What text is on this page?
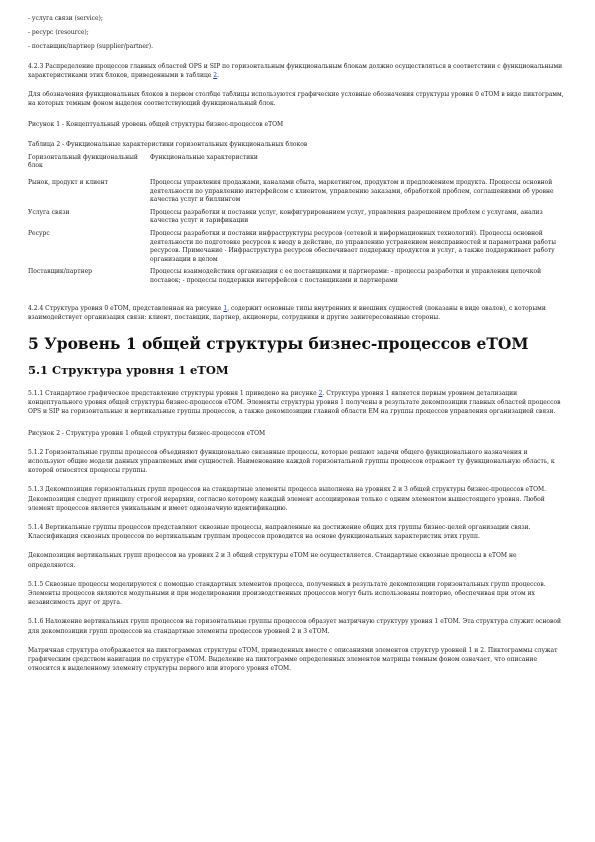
- услуга связи (service);

- ресурс (resource);

- поставщик/партнер (supplier/partner).

4.2.3 Распределение процессов главных областей OPS и SIP по горизонтальным функциональным блокам должно осуществляться в соответствии с функциональными характеристиками этих блоков, приведенными в таблице 2.

Для обозначения функциональных блоков в первом столбце таблицы используются графические условные обозначения структуры уровня 0 eTOM в виде пиктограмм, на которых темным фоном выделен соответствующий функциональный блок.

Рисунок 1 - Концептуальный уровень общей структуры бизнес-процессов eTOM

Таблица 2 - Функциональные характеристики горизонтальных функциональных блоков

Горизонтальный функциональный блок	Функциональные характеристики
Рынок, продукт и клиент	Процессы управления продажами, каналами сбыта, маркетингом, продуктом и предложением продукта. Процессы основной деятельности по управлению интерфейсом с клиентом, управлению заказами, обработкой проблем, соглашениями об уровне качества услуг и биллингом
Услуга связи	Процессы разработки и поставки услуг, конфигурированием услуг, управления разрешением проблем с услугами, анализ качества услуг и тарификации
Ресурс	Процессы разработки и поставки инфраструктуры ресурсов (сетевой и информационных технологий). Процессы основной деятельности по подготовке ресурсов к вводу в действие, по управлению устранением неисправностей и параметрами работы ресурсов. Примечание - Инфраструктура ресурсов обеспечивает поддержку продуктов и услуг, а также поддерживает работу организации в целом
Поставщик/партнер	Процессы взаимодействия организации с ее поставщиками и партнерами: - процессы разработки и управления цепочкой поставок; - процессы поддержки интерфейсов с поставщиками и партнерами

4.2.4 Структура уровня 0 eTOM, представленная на рисунке 1, содержит основные типы внутренних и внешних сущностей (показаны в виде овалов), с которыми взаимодействует организация связи: клиент, поставщик, партнер, акционеры, сотрудники и другие заинтересованные стороны.

5 Уровень 1 общей структуры бизнес-процессов eTOM
5.1 Структура уровня 1 eTOM

5.1.1 Стандартное графическое представление структуры уровня 1 приведено на рисунке 2. Структура уровня 1 является первым уровнем детализации концептуального уровня общей структуры бизнес-процессов eTOM. Элементы структуры уровня 1 получены в результате декомпозиции главных областей процессов OPS и SIP на горизонтальные и вертикальные группы процессов, а также декомпозиции главной области EM на группы процессов управления организацией связи.

Рисунок 2 - Структура уровня 1 общей структуры бизнес-процессов eTOM

5.1.2 Горизонтальные группы процессов объединяют функционально связанные процессы, которые решают задачи общего функционального назначения и используют общие модели данных управляемых ими сущностей. Наименование каждой горизонтальной группы процессов отражает ту функциональную область, к которой относятся процессы группы.

5.1.3 Декомпозиция горизонтальных групп процессов на стандартные элементы процесса выполнена на уровнях 2 и 3 общей структуры бизнес-процессов eTOM. Декомпозиция следует принципу строгой иерархии, согласно которому каждый элемент ассоциирован только с одним элементом вышестоящего уровня. Любой элемент процессов является уникальным и имеет однозначную идентификацию.

5.1.4 Вертикальные группы процессов представляют сквозные процессы, направленные на достижение общих для группы бизнес-целей организации связи. Классификация сквозных процессов по вертикальным группам процессов проводится на основе функциональных характеристик этих групп.

Декомпозиция вертикальных групп процессов на уровнях 2 и 3 общей структуры eTOM не осуществляется. Стандартные сквозные процессы в eTOM не определяются.

5.1.5 Сквозные процессы моделируются с помощью стандартных элементов процесса, полученных в результате декомпозиции горизонтальных групп процессов. Элементы процессов являются модульными и при моделировании производственных процессов могут быть использованы повторно, обеспечивая при этом их независимость друг от друга.

5.1.6 Наложение вертикальных групп процессов на горизонтальные группы процессов образует матричную структуру уровня 1 eTOM. Эта структура служит основой для декомпозиции групп процессов на стандартные элементы процессов уровней 2 и 3 eTOM.

Матричная структура отображается на пиктограммах структуры eTOM, приведенных вместе с описаниями элементов структур уровней 1 и 2. Пиктограммы служат графическим средством навигации по структуре eTOM. Выделение на пиктограмме определенных элементов матрицы темным фоном означает, что описание относится к выделенному элементу структуры первого или второго уровня eTOM.
